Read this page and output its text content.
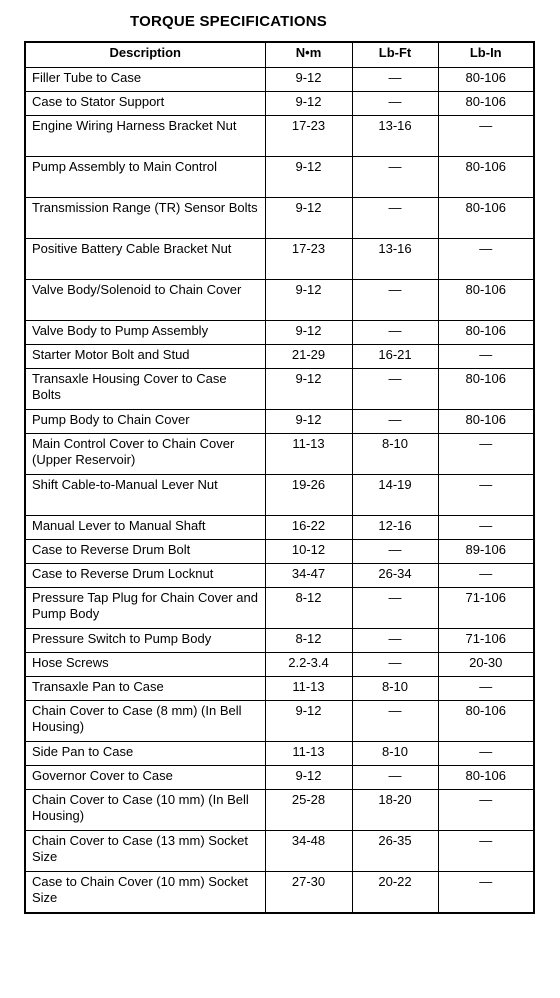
TORQUE SPECIFICATIONS
Description	N•m	Lb-Ft	Lb-In
Filler Tube to Case	9-12	—	80-106
Case to Stator Support	9-12	—	80-106
Engine Wiring Harness Bracket Nut	17-23	13-16	—
Pump Assembly to Main Control	9-12	—	80-106
Transmission Range (TR) Sensor Bolts	9-12	—	80-106
Positive Battery Cable Bracket Nut	17-23	13-16	—
Valve Body/Solenoid to Chain Cover	9-12	—	80-106
Valve Body to Pump Assembly	9-12	—	80-106
Starter Motor Bolt and Stud	21-29	16-21	—
Transaxle Housing Cover to Case Bolts	9-12	—	80-106
Pump Body to Chain Cover	9-12	—	80-106
Main Control Cover to Chain Cover (Upper Reservoir)	11-13	8-10	—
Shift Cable-to-Manual Lever Nut	19-26	14-19	—
Manual Lever to Manual Shaft	16-22	12-16	—
Case to Reverse Drum Bolt	10-12	—	89-106
Case to Reverse Drum Locknut	34-47	26-34	—
Pressure Tap Plug for Chain Cover and Pump Body	8-12	—	71-106
Pressure Switch to Pump Body	8-12	—	71-106
Hose Screws	2.2-3.4	—	20-30
Transaxle Pan to Case	11-13	8-10	—
Chain Cover to Case (8 mm) (In Bell Housing)	9-12	—	80-106
Side Pan to Case	11-13	8-10	—
Governor Cover to Case	9-12	—	80-106
Chain Cover to Case (10 mm) (In Bell Housing)	25-28	18-20	—
Chain Cover to Case (13 mm) Socket Size	34-48	26-35	—
Case to Chain Cover (10 mm) Socket Size	27-30	20-22	—
